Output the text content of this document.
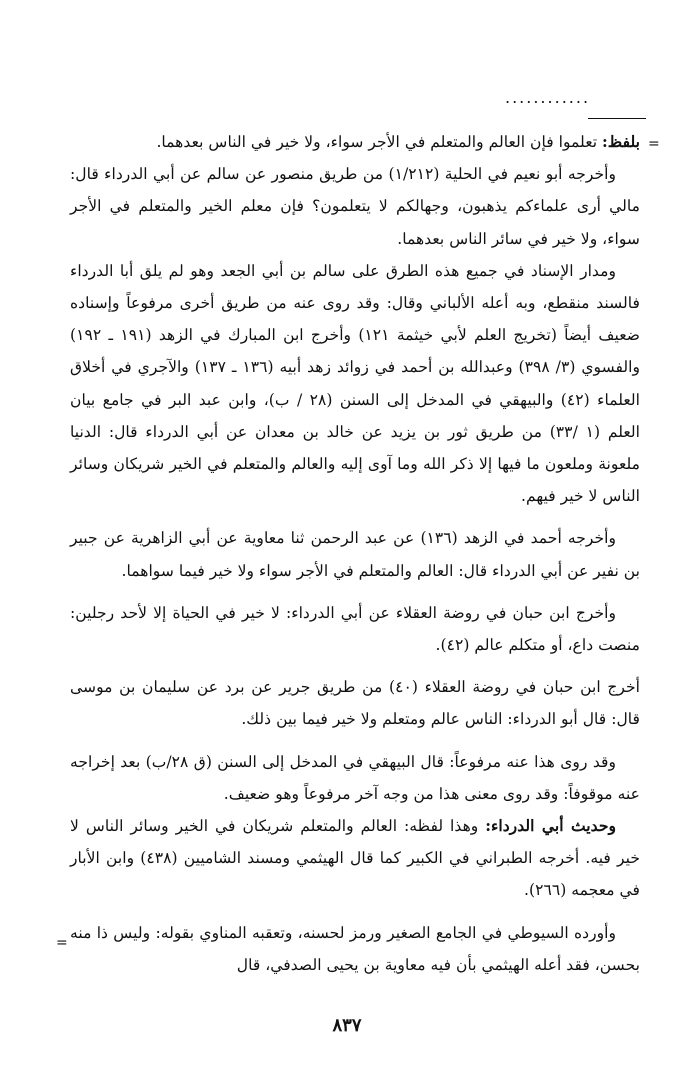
............
=

بلفظ: تعلموا فإن العالم والمتعلم في الأجر سواء، ولا خير في الناس بعدهما.

وأخرجه أبو نعيم في الحلية (١/٢١٢) من طريق منصور عن سالم عن أبي الدرداء قال: مالي أرى علماءكم يذهبون، وجهالكم لا يتعلمون؟ فإن معلم الخير والمتعلم في الأجر سواء، ولا خير في سائر الناس بعدهما.

ومدار الإسناد في جميع هذه الطرق على سالم بن أبي الجعد وهو لم يلق أبا الدرداء فالسند منقطع، وبه أعله الألباني وقال: وقد روى عنه من طريق أخرى مرفوعاً وإسناده ضعيف أيضاً (تخريج العلم لأبي خيثمة ١٢١) وأخرج ابن المبارك في الزهد (١٩١ ـ ١٩٢) والفسوي (٣/ ٣٩٨) وعبدالله بن أحمد في زوائد زهد أبيه (١٣٦ ـ ١٣٧) والآجري في أخلاق العلماء (٤٢) والبيهقي في المدخل إلى السنن (٢٨ / ب)، وابن عبد البر في جامع بيان العلم (١ /٣٣) من طريق ثور بن يزيد عن خالد بن معدان عن أبي الدرداء قال: الدنيا ملعونة وملعون ما فيها إلا ذكر الله وما آوى إليه والعالم والمتعلم في الخير شريكان وسائر الناس لا خير فيهم.

وأخرجه أحمد في الزهد (١٣٦) عن عبد الرحمن ثنا معاوية عن أبي الزاهرية عن جبير بن نفير عن أبي الدرداء قال: العالم والمتعلم في الأجر سواء ولا خير فيما سواهما.

وأخرج ابن حبان في روضة العقلاء عن أبي الدرداء: لا خير في الحياة إلا لأحد رجلين: منصت داع، أو متكلم عالم (٤٢).

أخرج ابن حبان في روضة العقلاء (٤٠) من طريق جرير عن برد عن سليمان بن موسى قال: قال أبو الدرداء: الناس عالم ومتعلم ولا خير فيما بين ذلك.

وقد روى هذا عنه مرفوعاً: قال البيهقي في المدخل إلى السنن (ق ٢٨/ب) بعد إخراجه عنه موقوفاً: وقد روى معنى هذا من وجه آخر مرفوعاً وهو ضعيف.

وحديث أبي الدرداء: وهذا لفظه: العالم والمتعلم شريكان في الخير وسائر الناس لا خير فيه. أخرجه الطبراني في الكبير كما قال الهيثمي ومسند الشاميين (٤٣٨) وابن الأبار في معجمه (٢٦٦).

وأورده السيوطي في الجامع الصغير ورمز لحسنه، وتعقبه المناوي بقوله: وليس ذا منه بحسن، فقد أعله الهيثمي بأن فيه معاوية بن يحيى الصدفي، قال

=
٨٣٧
